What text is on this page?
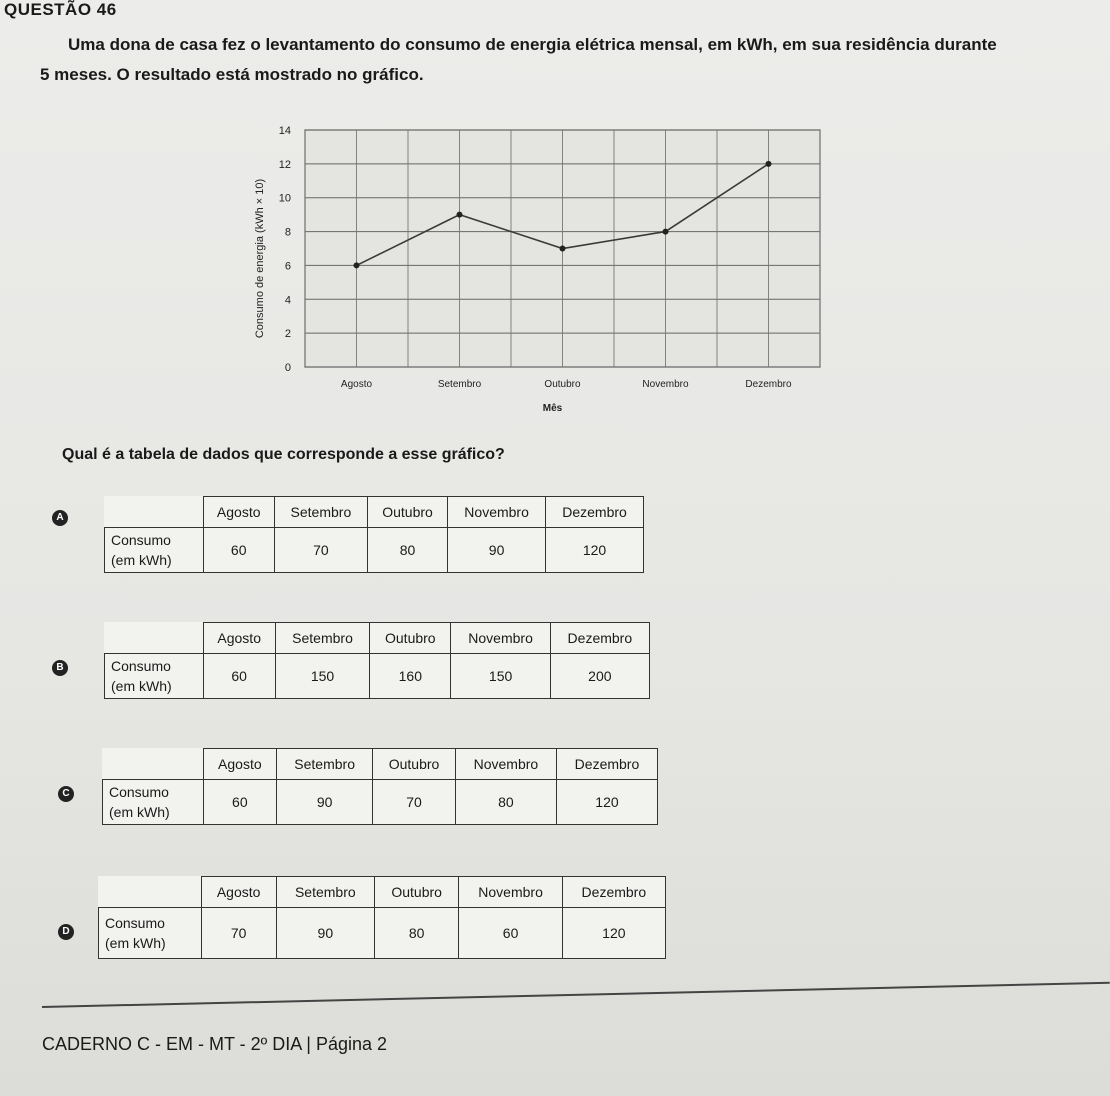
QUESTÃO 46
Uma dona de casa fez o levantamento do consumo de energia elétrica mensal, em kWh, em sua residência durante
5 meses. O resultado está mostrado no gráfico.
0
2
4
6
8
10
12
14
Agosto	Setembro	Outubro	Novembro	Dezembro
Mês
Consumo de energia (kWh × 10)
Qual é a tabela de dados que corresponde a esse gráfico?
A
		Agosto	Setembro	Outubro	Novembro	Dezembro
Consumo
(em kWh)	60	70	80	90	120
B
	Agosto	Setembro	Outubro	Novembro	Dezembro
Consumo
(em kWh)	60	150	160	150	200
C
	Agosto	Setembro	Outubro	Novembro	Dezembro
Consumo
(em kWh)	60	90	70	80	120
D
	Agosto	Setembro	Outubro	Novembro	Dezembro
Consumo
(em kWh)	70	90	80	60	120
CADERNO C - EM - MT - 2º DIA | Página 2
